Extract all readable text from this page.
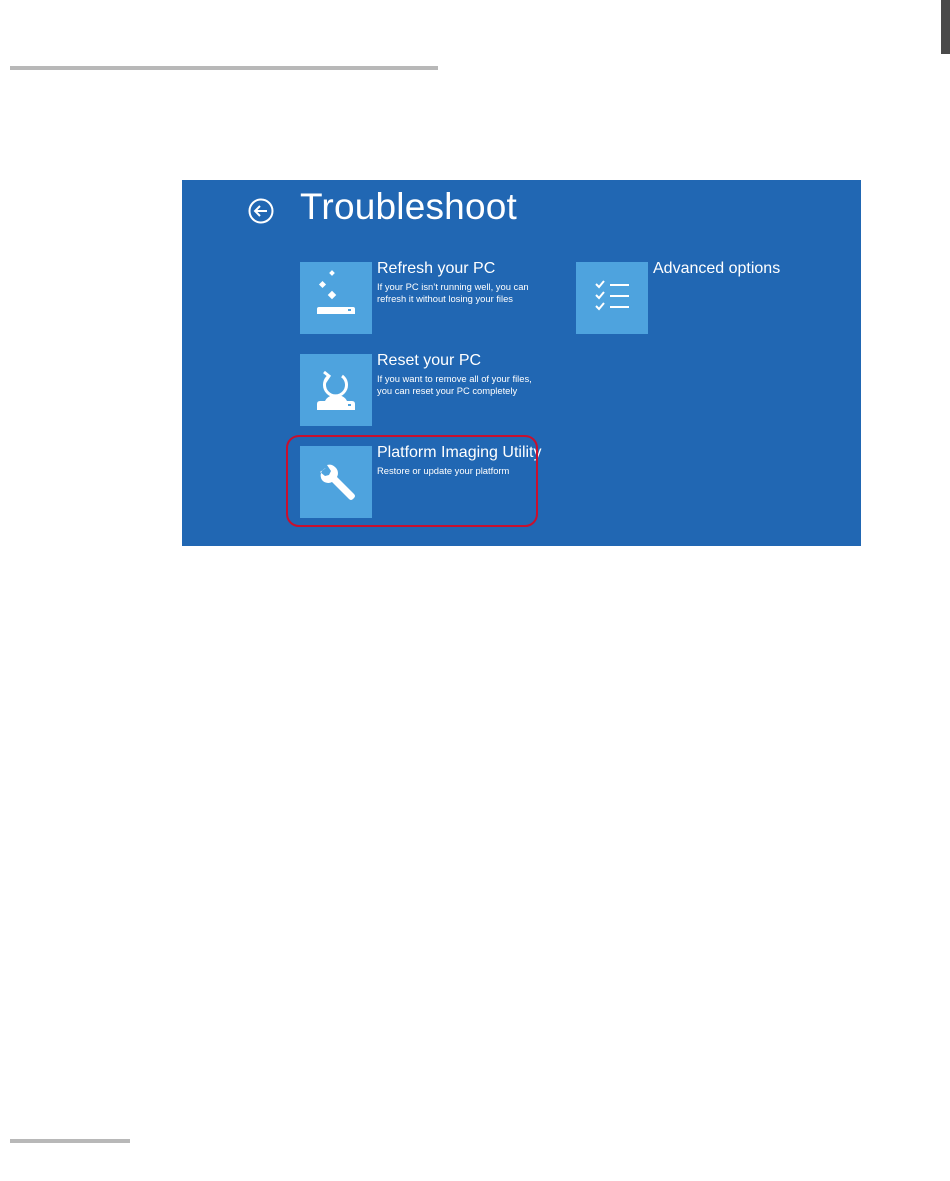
Troubleshoot
Refresh your PC
If your PC isn’t running well, you can refresh it without losing your files
Reset your PC
If you want to remove all of your files, you can reset your PC completely
Platform Imaging Utility
Restore or update your platform
Advanced options
